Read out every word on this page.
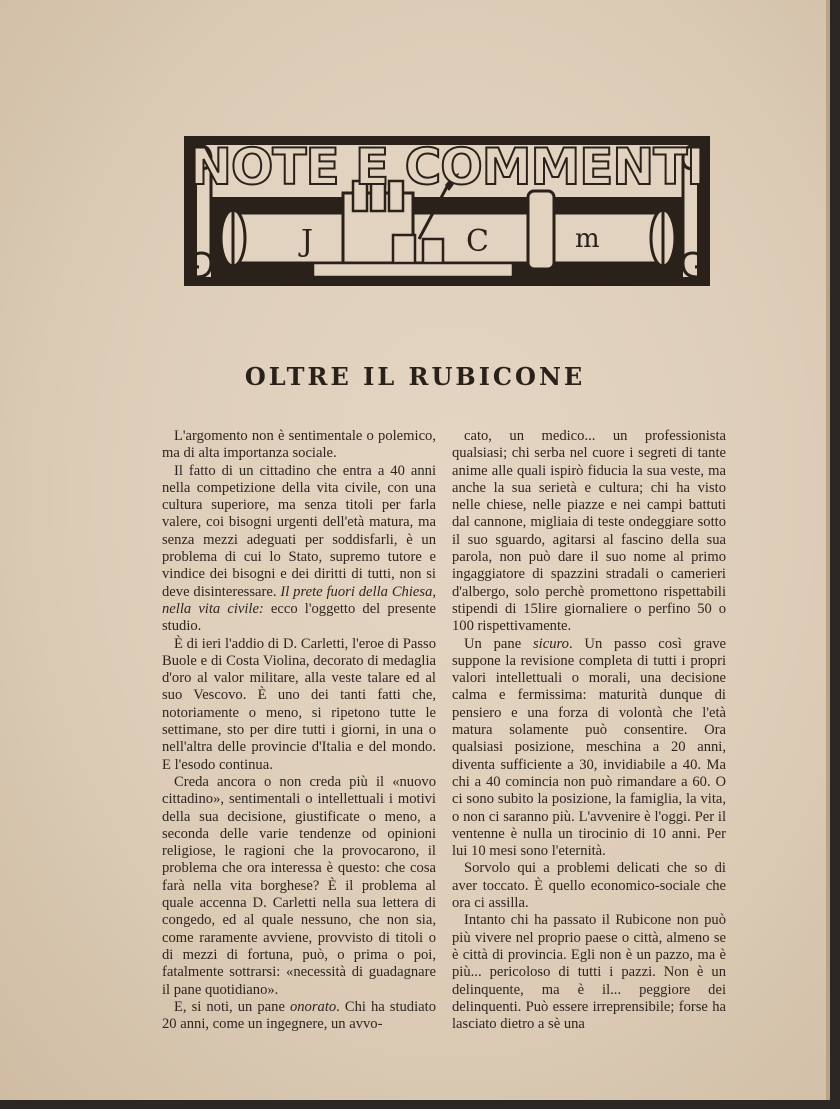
J	C	m
NOTE E COMMENTI
OLTRE IL RUBICONE

L'argomento non è sentimentale o polemico, ma di alta importanza sociale.

Il fatto di un cittadino che entra a 40 anni nella competizione della vita civile, con una cultura superiore, ma senza titoli per farla valere, coi bisogni urgenti dell'età matura, ma senza mezzi adeguati per soddisfarli, è un problema di cui lo Stato, supremo tutore e vindice dei bisogni e dei diritti di tutti, non si deve disinteressare. Il prete fuori della Chiesa, nella vita civile: ecco l'oggetto del presente studio.

È di ieri l'addio di D. Carletti, l'eroe di Passo Buole e di Costa Violina, decorato di medaglia d'oro al valor militare, alla veste talare ed al suo Vescovo. È uno dei tanti fatti che, notoriamente o meno, si ripetono tutte le settimane, sto per dire tutti i giorni, in una o nell'altra delle provincie d'Italia e del mondo. E l'esodo continua.

Creda ancora o non creda più il «nuovo cittadino», sentimentali o intellettuali i motivi della sua decisione, giustificate o meno, a seconda delle varie tendenze od opinioni religiose, le ragioni che la provocarono, il problema che ora interessa è questo: che cosa farà nella vita borghese? È il problema al quale accenna D. Carletti nella sua lettera di congedo, ed al quale nessuno, che non sia, come raramente avviene, provvisto di titoli o di mezzi di fortuna, può, o prima o poi, fatalmente sottrarsi: «necessità di guadagnare il pane quotidiano».

E, si noti, un pane onorato. Chi ha studiato 20 anni, come un ingegnere, un avvo-

cato, un medico... un professionista qualsiasi; chi serba nel cuore i segreti di tante anime alle quali ispirò fiducia la sua veste, ma anche la sua serietà e cultura; chi ha visto nelle chiese, nelle piazze e nei campi battuti dal cannone, migliaia di teste ondeggiare sotto il suo sguardo, agitarsi al fascino della sua parola, non può dare il suo nome al primo ingaggiatore di spazzini stradali o camerieri d'albergo, solo perchè promettono rispettabili stipendi di 15lire giornaliere o perfino 50 o 100 rispettivamente.

Un pane sicuro. Un passo così grave suppone la revisione completa di tutti i propri valori intellettuali o morali, una decisione calma e fermissima: maturità dunque di pensiero e una forza di volontà che l'età matura solamente può consentire. Ora qualsiasi posizione, meschina a 20 anni, diventa sufficiente a 30, invidiabile a 40. Ma chi a 40 comincia non può rimandare a 60. O ci sono subito la posizione, la famiglia, la vita, o non ci saranno più. L'avvenire è l'oggi. Per il ventenne è nulla un tirocinio di 10 anni. Per lui 10 mesi sono l'eternità.

Sorvolo qui a problemi delicati che so di aver toccato. È quello economico-sociale che ora ci assilla.

Intanto chi ha passato il Rubicone non può più vivere nel proprio paese o città, almeno se è città di provincia. Egli non è un pazzo, ma è più... pericoloso di tutti i pazzi. Non è un delinquente, ma è il... peggiore dei delinquenti. Può essere irreprensibile; forse ha lasciato dietro a sè una
